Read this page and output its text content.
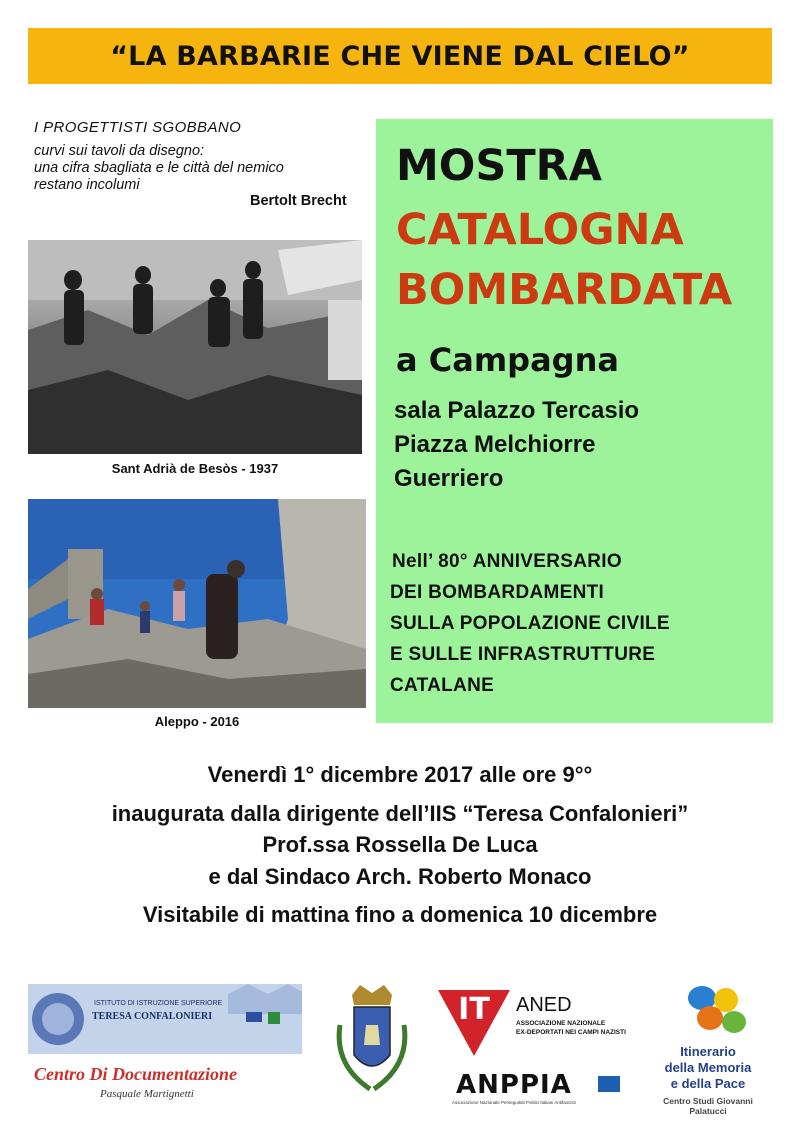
“LA BARBARIE CHE VIENE DAL CIELO”
I PROGETTISTI SGOBBANO
curvi sui tavoli da disegno:
una cifra sbagliata e le città del nemico
restano incolumi
Bertolt Brecht
Sant Adrià de Besòs - 1937
Aleppo - 2016
MOSTRA
CATALOGNA
BOMBARDATA
a Campagna
sala Palazzo Tercasio
Piazza Melchiorre
Guerriero
Nell’ 80° ANNIVERSARIO
DEI BOMBARDAMENTI
SULLA POPOLAZIONE CIVILE
E SULLE INFRASTRUTTURE
CATALANE
Venerdì 1° dicembre 2017 alle ore 9°°
inaugurata dalla dirigente dell’IIS “Teresa Confalonieri”
Prof.ssa Rossella De Luca
e dal Sindaco Arch. Roberto Monaco
Visitabile di mattina fino a domenica 10 dicembre
ISTITUTO DI ISTRUZIONE SUPERIORE
TERESA CONFALONIERI
Centro Di Documentazione
Pasquale Martignetti
IT	ANED
ASSOCIAZIONE NAZIONALE
EX-DEPORTATI NEI CAMPI NAZISTI
ANPPIA
Associazione Nazionale Perseguitati Politici Italiani Antifascisti
Itinerario
della Memoria
e della Pace
Centro Studi Giovanni Palatucci
